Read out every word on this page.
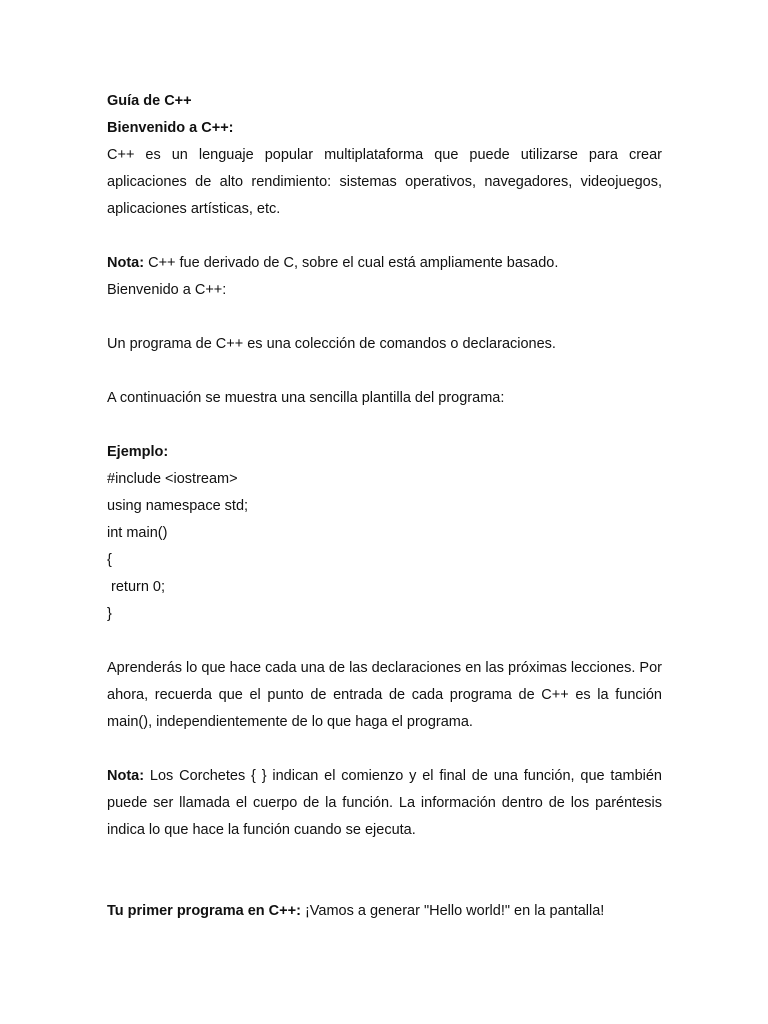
Guía de C++
Bienvenido a C++:
C++ es un lenguaje popular multiplataforma que puede utilizarse para crear aplicaciones de alto rendimiento: sistemas operativos, navegadores, videojuegos, aplicaciones artísticas, etc.
Nota: C++ fue derivado de C, sobre el cual está ampliamente basado.
Bienvenido a C++:
Un programa de C++ es una colección de comandos o declaraciones.
A continuación se muestra una sencilla plantilla del programa:
Ejemplo:
#include <iostream>
using namespace std;
int main()
{
return 0;
}
Aprenderás lo que hace cada una de las declaraciones en las próximas lecciones. Por ahora, recuerda que el punto de entrada de cada programa de C++ es la función main(), independientemente de lo que haga el programa.
Nota: Los Corchetes { } indican el comienzo y el final de una función, que también puede ser llamada el cuerpo de la función. La información dentro de los paréntesis indica lo que hace la función cuando se ejecuta.
Tu primer programa en C++: ¡Vamos a generar "Hello world!" en la pantalla!
